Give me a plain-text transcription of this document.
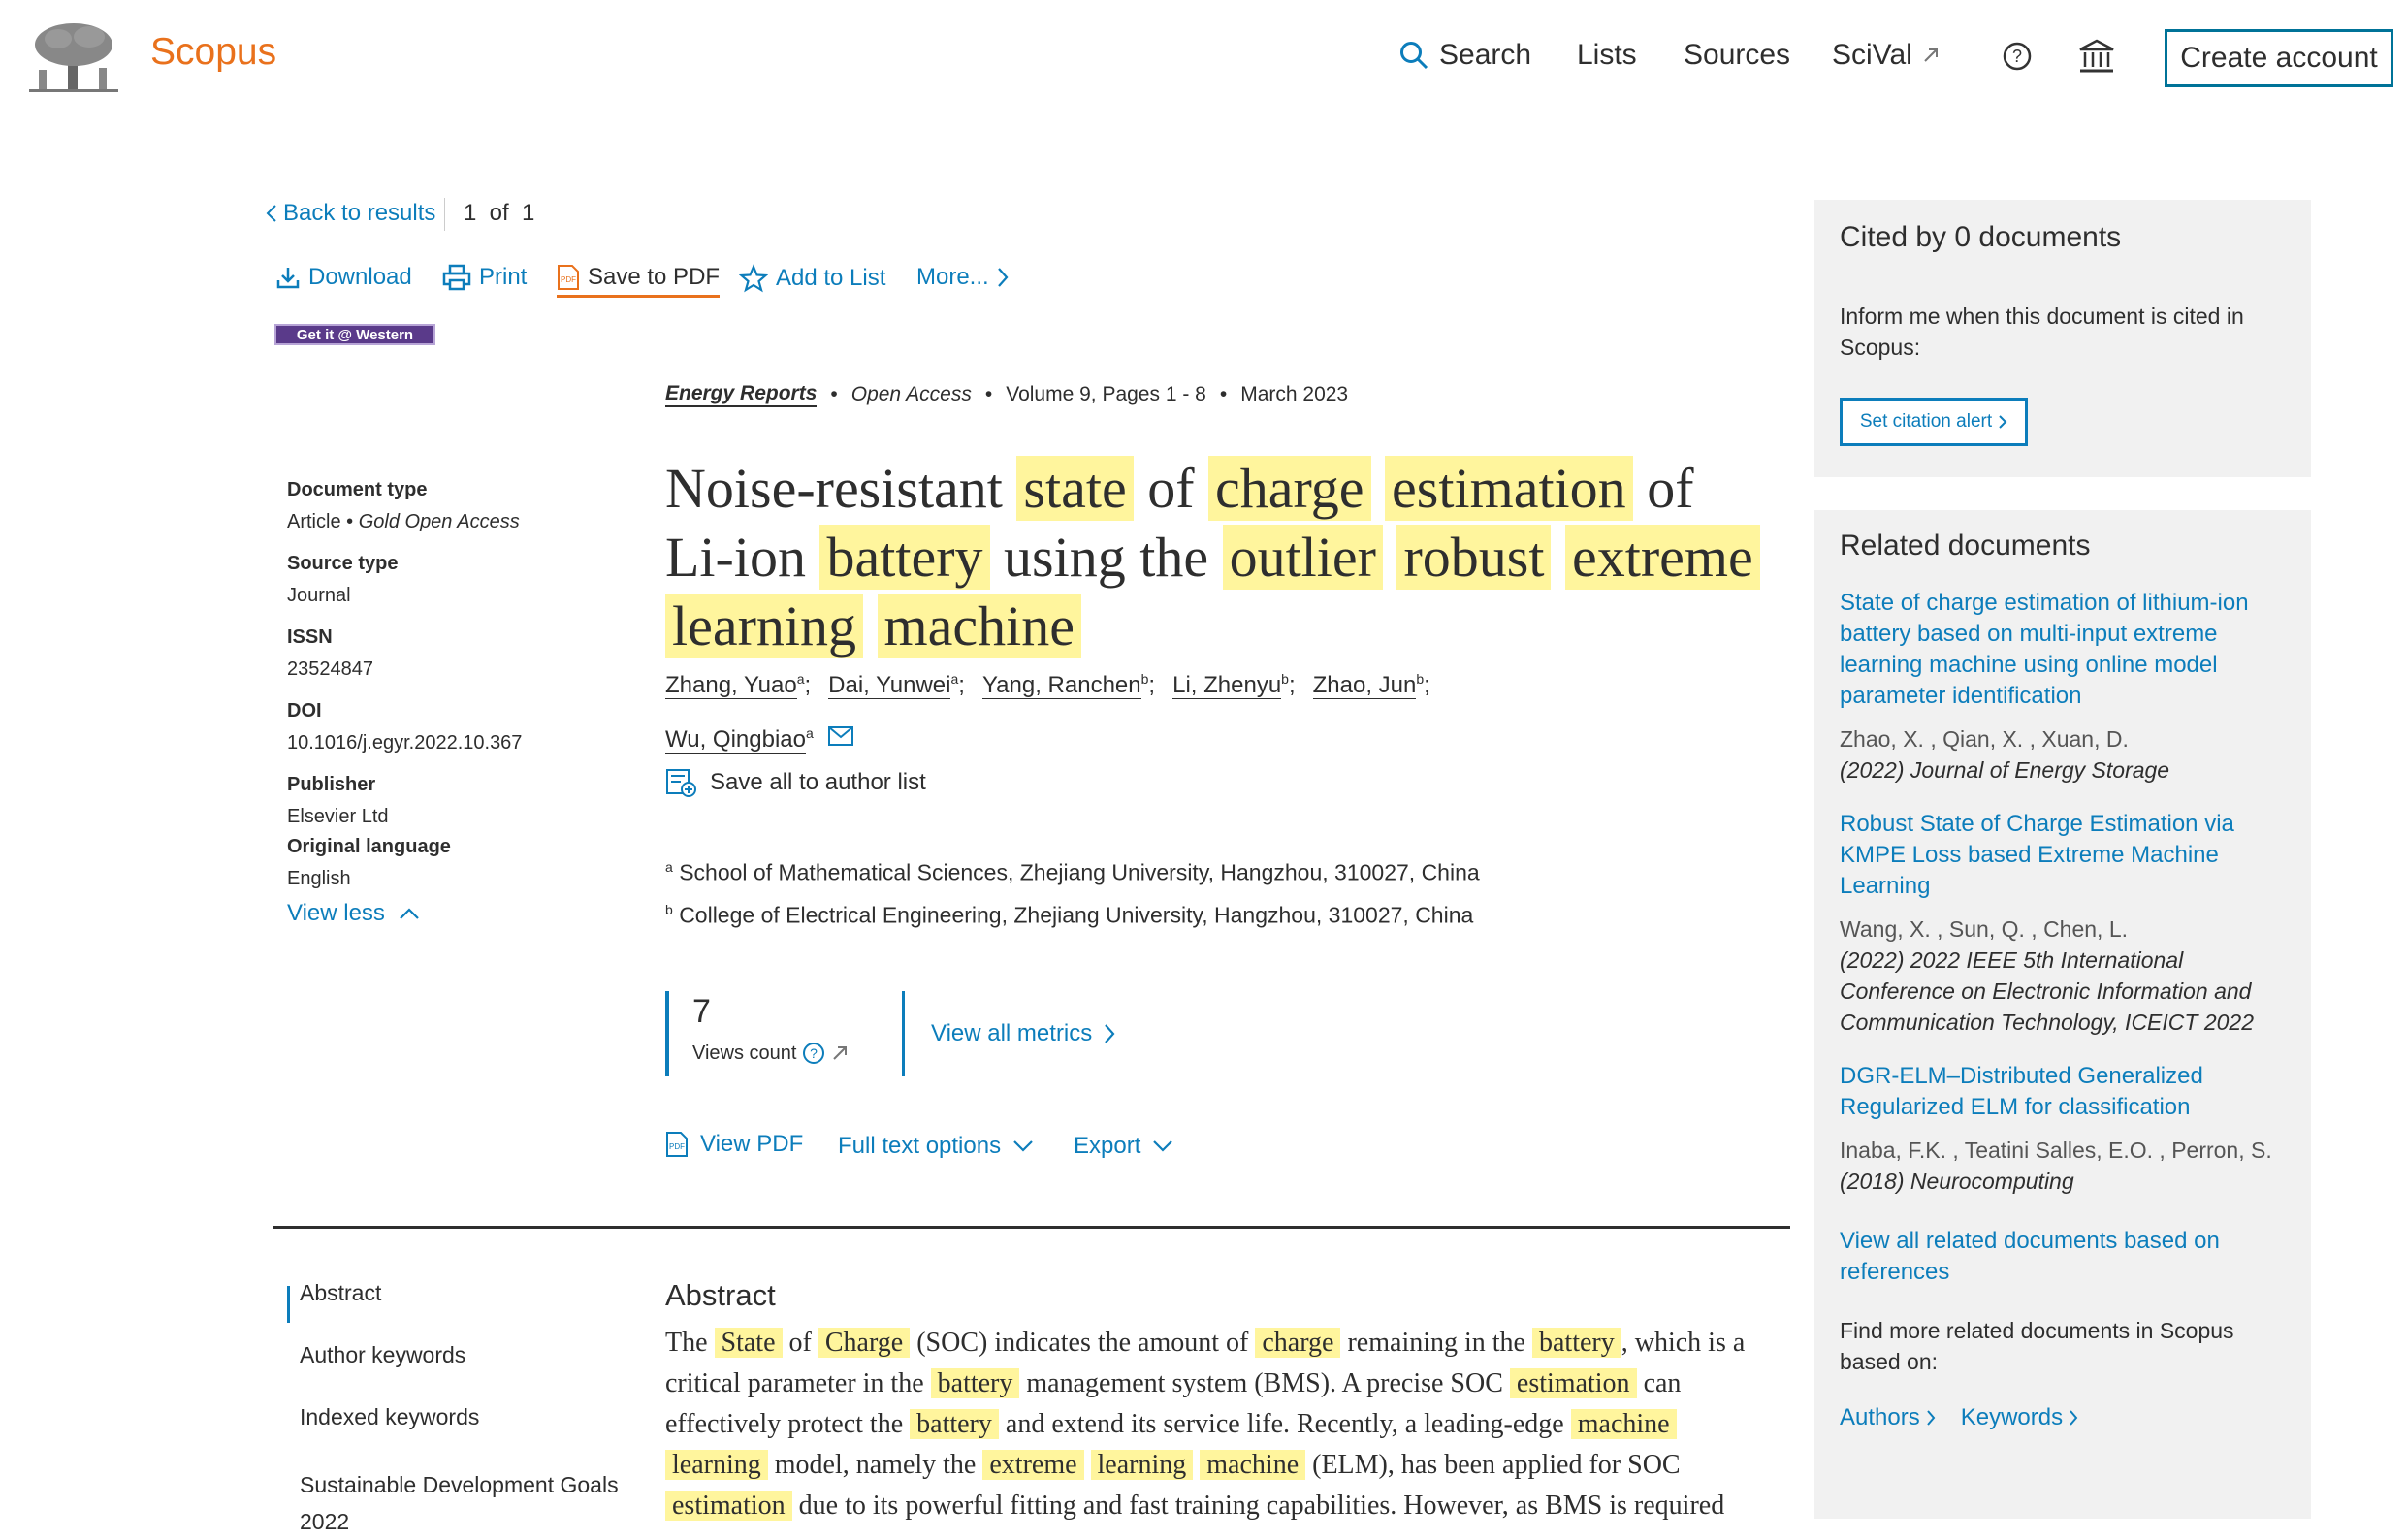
Scopus	Search Lists Sources SciVal	?	Create account
Back to results 1  of  1
Download	Print	PDF Save to PDF Add to List More...
Get it @ Western
Energy Reports • Open Access • Volume 9, Pages 1 - 8 • March 2023
Noise-resistant state of charge estimation of Li-ion battery using the outlier robust extreme learning machine
Zhang, Yuao$^a$; Dai, Yunwei$^a$; Yang, Ranchen$^b$; Li, Zhenyu$^b$; Zhao, Jun$^b$;
Wu, Qingbiao$^a$
Save all to author list
$^a$ School of Mathematical Sciences, Zhejiang University, Hangzhou, 310027, China
$^b$ College of Electrical Engineering, Zhejiang University, Hangzhou, 310027, China
7
Views count ?
View all metrics
PDF View PDF Full text options	Export
Document type
Article • Gold Open Access
Source type
Journal
ISSN
23524847
DOI
10.1016/j.egyr.2022.10.367
Publisher
Elsevier Ltd
Original language
English
View less
Abstract
Author keywords
Indexed keywords
Sustainable Development Goals
2022
Abstract
The State of Charge (SOC) indicates the amount of charge remaining in the battery , which is a
critical parameter in the battery management system (BMS). A precise SOC estimation can
effectively protect the battery and extend its service life. Recently, a leading-edge machine
learning model, namely the extreme learning machine (ELM), has been applied for SOC
estimation due to its powerful fitting and fast training capabilities. However, as BMS is required
Cited by 0 documents
Inform me when this document is cited in Scopus:
Set citation alert
Related documents
State of charge estimation of lithium-ion battery based on multi-input extreme learning machine using online model parameter identification
Zhao, X. , Qian, X. , Xuan, D.
(2022) Journal of Energy Storage
Robust State of Charge Estimation via KMPE Loss based Extreme Machine Learning
Wang, X. , Sun, Q. , Chen, L.
(2022) 2022 IEEE 5th International Conference on Electronic Information and Communication Technology, ICEICT 2022
DGR-ELM–Distributed Generalized Regularized ELM for classification
Inaba, F.K. , Teatini Salles, E.O. , Perron, S.
(2018) Neurocomputing
View all related documents based on references
Find more related documents in Scopus based on:
Authors Keywords
